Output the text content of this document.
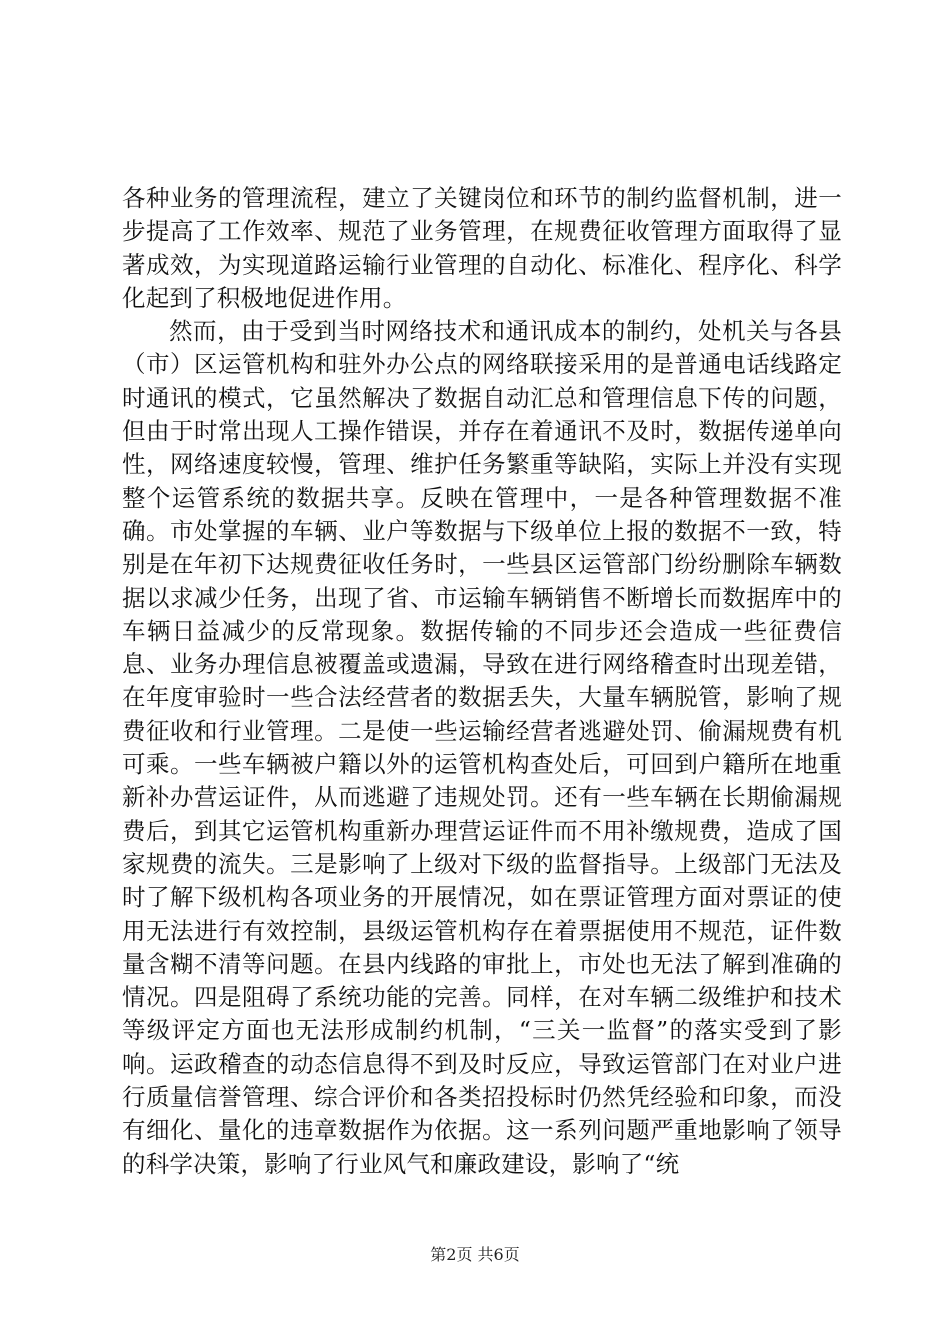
各种业务的管理流程，建立了关键岗位和环节的制约监督机制，进一步提高了工作效率、规范了业务管理，在规费征收管理方面取得了显著成效，为实现道路运输行业管理的自动化、标准化、程序化、科学化起到了积极地促进作用。

然而，由于受到当时网络技术和通讯成本的制约，处机关与各县（市）区运管机构和驻外办公点的网络联接采用的是普通电话线路定时通讯的模式，它虽然解决了数据自动汇总和管理信息下传的问题，但由于时常出现人工操作错误，并存在着通讯不及时，数据传递单向性，网络速度较慢，管理、维护任务繁重等缺陷，实际上并没有实现整个运管系统的数据共享。反映在管理中，一是各种管理数据不准确。市处掌握的车辆、业户等数据与下级单位上报的数据不一致，特别是在年初下达规费征收任务时，一些县区运管部门纷纷删除车辆数据以求减少任务，出现了省、市运输车辆销售不断增长而数据库中的车辆日益减少的反常现象。数据传输的不同步还会造成一些征费信息、业务办理信息被覆盖或遗漏，导致在进行网络稽查时出现差错，在年度审验时一些合法经营者的数据丢失，大量车辆脱管，影响了规费征收和行业管理。二是使一些运输经营者逃避处罚、偷漏规费有机可乘。一些车辆被户籍以外的运管机构查处后，可回到户籍所在地重新补办营运证件，从而逃避了违规处罚。还有一些车辆在长期偷漏规费后，到其它运管机构重新办理营运证件而不用补缴规费，造成了国家规费的流失。三是影响了上级对下级的监督指导。上级部门无法及时了解下级机构各项业务的开展情况，如在票证管理方面对票证的使用无法进行有效控制，县级运管机构存在着票据使用不规范，证件数量含糊不清等问题。在县内线路的审批上，市处也无法了解到准确的情况。四是阻碍了系统功能的完善。同样，在对车辆二级维护和技术等级评定方面也无法形成制约机制，“三关一监督”的落实受到了影响。运政稽查的动态信息得不到及时反应，导致运管部门在对业户进行质量信誉管理、综合评价和各类招投标时仍然凭经验和印象，而没有细化、量化的违章数据作为依据。这一系列问题严重地影响了领导的科学决策，影响了行业风气和廉政建设，影响了“统

第2页 共6页
